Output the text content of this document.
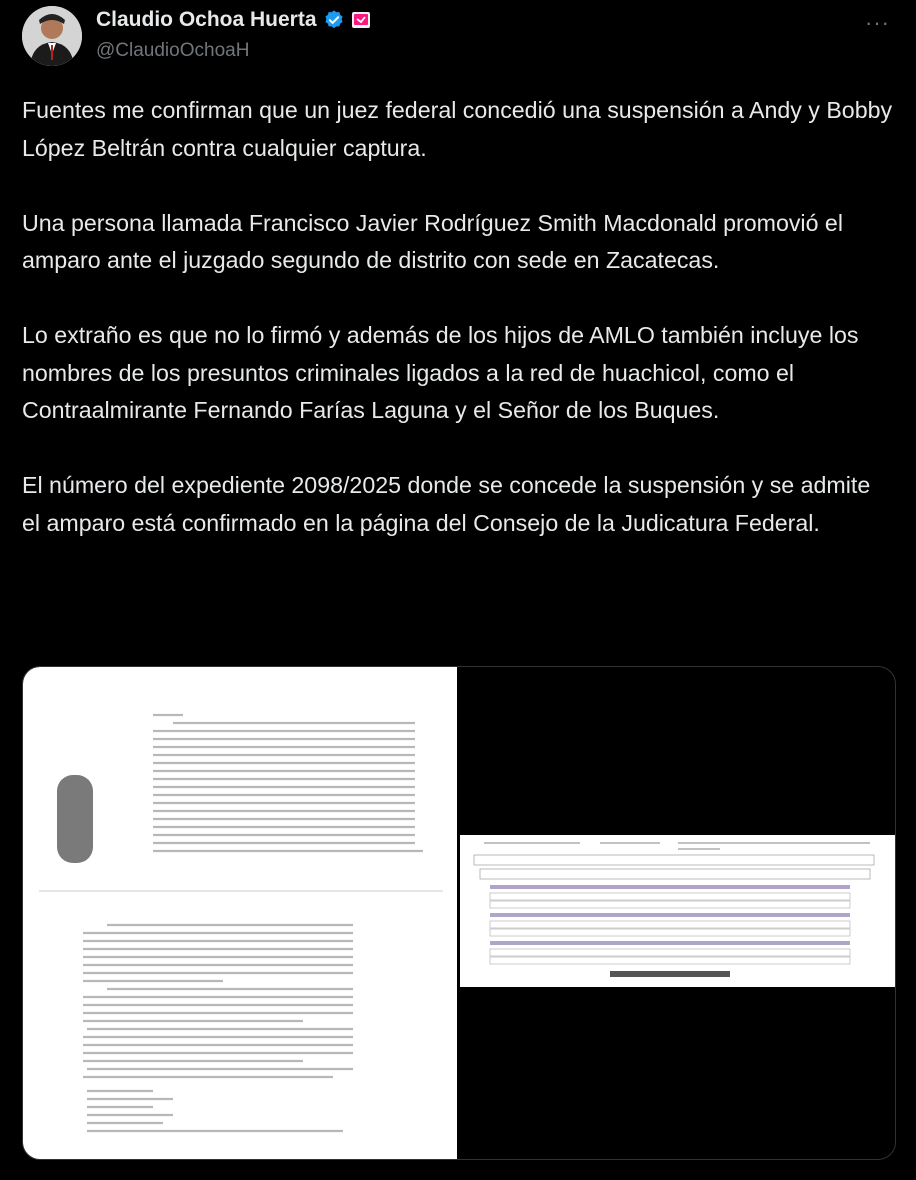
Claudio Ochoa Huerta
@ClaudioOchoaH
···

Fuentes me confirman que un juez federal concedió una suspensión a Andy y Bobby López Beltrán contra cualquier captura.

Una persona llamada Francisco Javier Rodríguez Smith Macdonald promovió el amparo ante el juzgado segundo de distrito con sede en Zacatecas.

Lo extraño es que no lo firmó y además de los hijos de AMLO también incluye los nombres de los presuntos criminales ligados a la red de huachicol, como el Contraalmirante Fernando Farías Laguna y el Señor de los Buques.

El número del expediente 2098/2025 donde se concede la suspensión y se admite el amparo está confirmado en la página del Consejo de la Judicatura Federal.
